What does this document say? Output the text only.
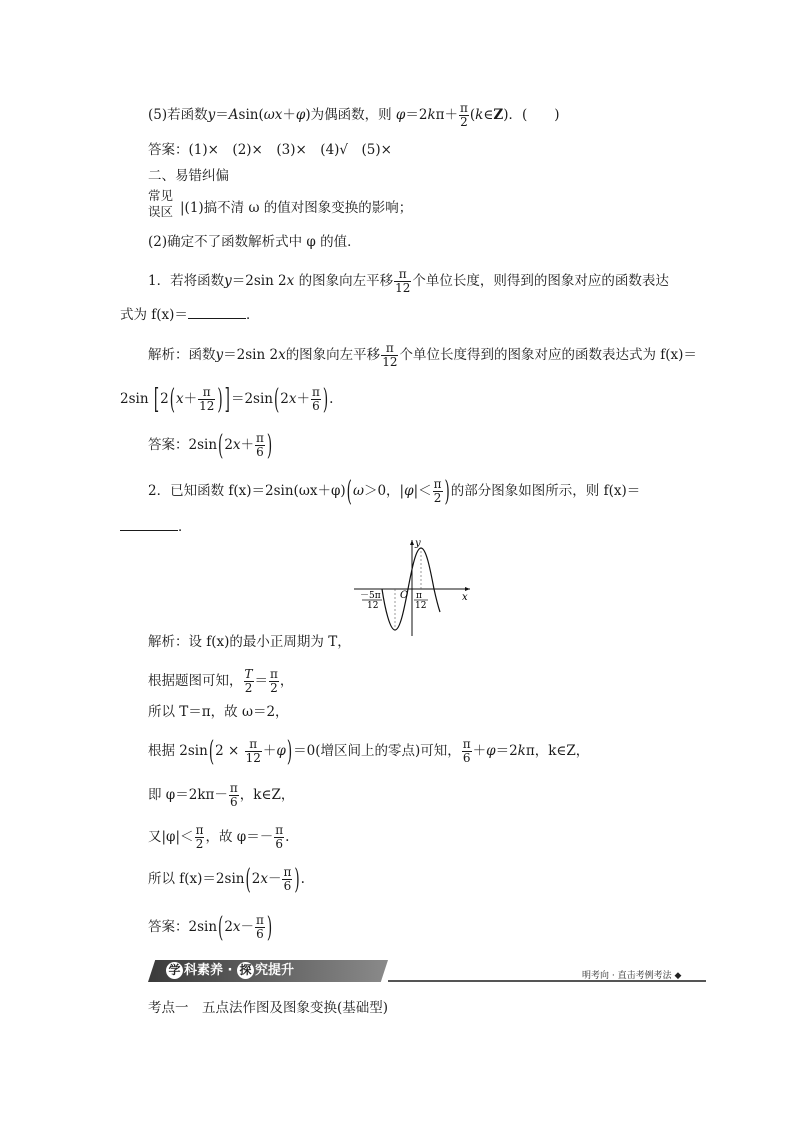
(5)若函数y＝Asin(ωx＋φ)为偶函数，则 $\varphi=2k\pi+ \frac{\pi}{2}$ (k∈Z)．(　　)
答案：(1)×　(2)×　(3)×　(4)√　(5)×
二、易错纠偏
常见
误区 |(1)搞不清 ω 的值对图象变换的影响；
(2)确定不了函数解析式中 φ 的值．
1．若将函数y＝2sin 2x 的图象向左平移 $\frac{\pi}{12}$ 个单位长度，则得到的图象对应的函数表达
式为 f(x)＝	．
解析：函数y＝2sin 2x的图象向左平移 $\frac{\pi}{12}$ 个单位长度得到的图象对应的函数表达式为 f(x)＝
2sin [$2(x+ \frac{\pi}{12}$ ) ]$=2\sin(2x+ \frac{\pi}{6}$ ).
答案：$2\sin(2x+ \frac{\pi}{6}$ )
2．已知函数 f(x)＝2sin(ωx＋φ)(ω＞0，$|\varphi|< \frac{\pi}{2}$ )的部分图象如图所示，则 f(x)＝
．
y
x
O
－5π
12
π
12
解析：设 f(x)的最小正周期为 T，
根据题图可知， $\frac{T}{2} = \frac{\pi}{2}$ ，
所以 T＝π，故 ω＝2，
根据 $2\sin(2 \times \frac{\pi}{12} +\varphi)=0$(增区间上的零点)可知， $\frac{\pi}{6} +\varphi=2k\pi$，k∈Z，
即 $\varphi=2k\pi- \frac{\pi}{6}$ ，k∈Z，
又$|\varphi|< \frac{\pi}{2}$ ，故 $\varphi=- \frac{\pi}{6}$ .
所以 $f(x)=2\sin(2x- \frac{\pi}{6}$ ).
答案：$2\sin(2x- \frac{\pi}{6}$ )
学 科素养 · 探 究提升	明考向 · 直击考例考法 ◆
考点一　五点法作图及图象变换(基础型)
